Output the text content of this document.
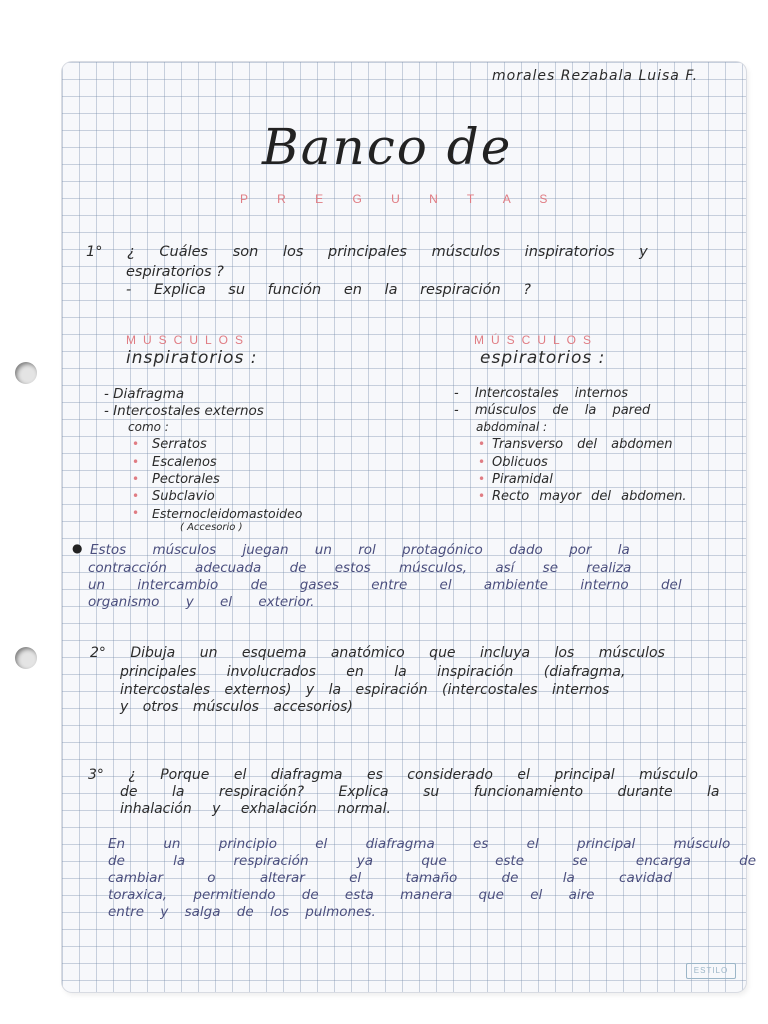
morales Rezabala Luisa F.
Banco de
P R E G U N T A S
1° ¿ Cuáles son los principales músculos inspiratorios y
espiratorios ?
- Explica su función en la respiración ?
MÚSCULOS
inspiratorios :
- Diafragma
- Intercostales externos
como :
• Serratos
• Escalenos
• Pectorales
• Subclavio
• Esternocleidomastoideo
( Accesorio )
MÚSCULOS
espiratorios :
- Intercostales internos
- músculos de la pared
abdominal :
• Transverso del abdomen
• Oblicuos
• Piramidal
• Recto mayor del abdomen.
● Estos músculos juegan un rol protagónico dado por la
contracción adecuada de estos músculos, así se realiza
un intercambio de gases entre el ambiente interno del
organismo y el exterior.
2° Dibuja un esquema anatómico que incluya los músculos
principales involucrados en la inspiración (diafragma,
intercostales externos) y la espiración (intercostales internos
y otros músculos accesorios)
3° ¿ Porque el diafragma es considerado el principal músculo
de la respiración? Explica su funcionamiento durante la
inhalación y exhalación normal.
En un principio el diafragma es el principal músculo
de la respiración ya que este se encarga de
cambiar o alterar el tamaño de la cavidad
toraxica, permitiendo de esta manera que el aire
entre y salga de los pulmones.
ESTILO
